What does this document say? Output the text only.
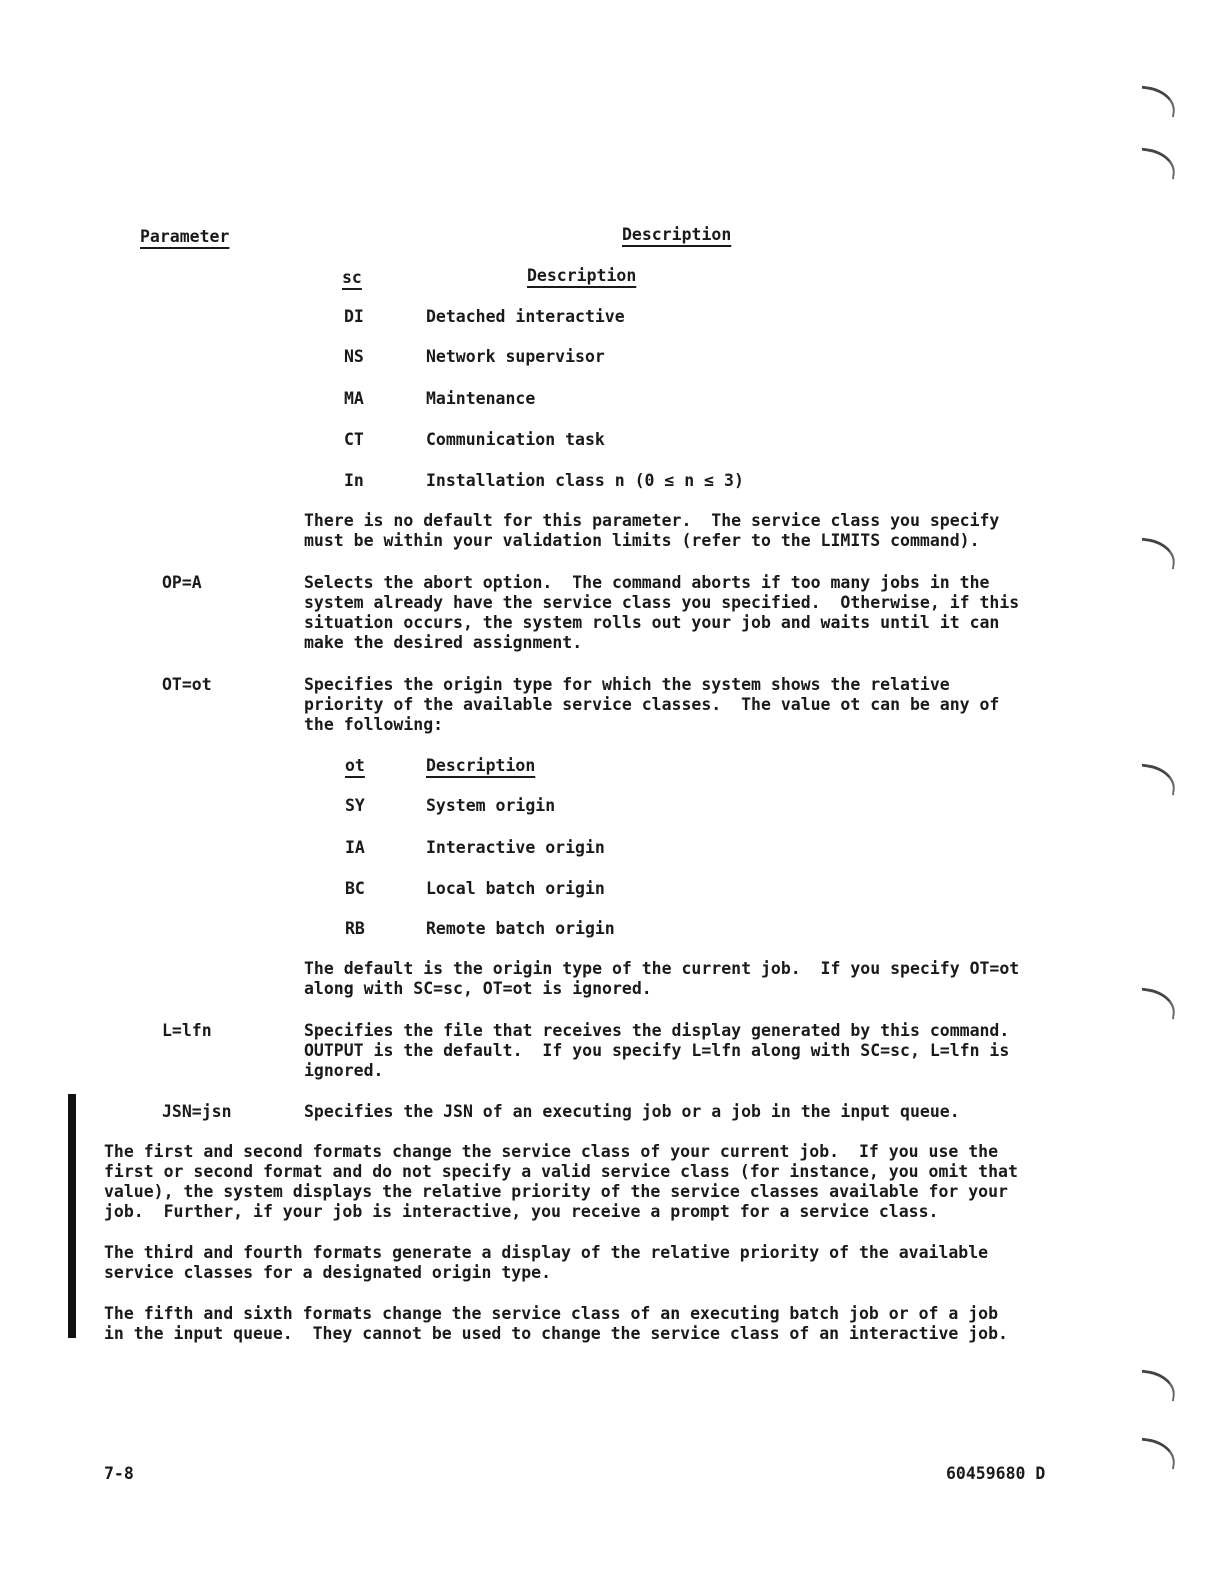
Parameter	Description
sc	Description
DI	Detached interactive
NS	Network supervisor
MA	Maintenance
CT	Communication task
In	Installation class n (0 ≤ n ≤ 3)
There is no default for this parameter.  The service class you specify
must be within your validation limits (refer to the LIMITS command).
OP=A	Selects the abort option.  The command aborts if too many jobs in the
system already have the service class you specified.  Otherwise, if this
situation occurs, the system rolls out your job and waits until it can
make the desired assignment.
OT=ot	Specifies the origin type for which the system shows the relative
priority of the available service classes.  The value ot can be any of
the following:
ot	Description
SY	System origin
IA	Interactive origin
BC	Local batch origin
RB	Remote batch origin
The default is the origin type of the current job.  If you specify OT=ot
along with SC=sc, OT=ot is ignored.
L=lfn	Specifies the file that receives the display generated by this command.
OUTPUT is the default.  If you specify L=lfn along with SC=sc, L=lfn is
ignored.
JSN=jsn	Specifies the JSN of an executing job or a job in the input queue.
The first and second formats change the service class of your current job.  If you use the
first or second format and do not specify a valid service class (for instance, you omit that
value), the system displays the relative priority of the service classes available for your
job.  Further, if your job is interactive, you receive a prompt for a service class.
The third and fourth formats generate a display of the relative priority of the available
service classes for a designated origin type.
The fifth and sixth formats change the service class of an executing batch job or of a job
in the input queue.  They cannot be used to change the service class of an interactive job.
7-8	60459680 D
